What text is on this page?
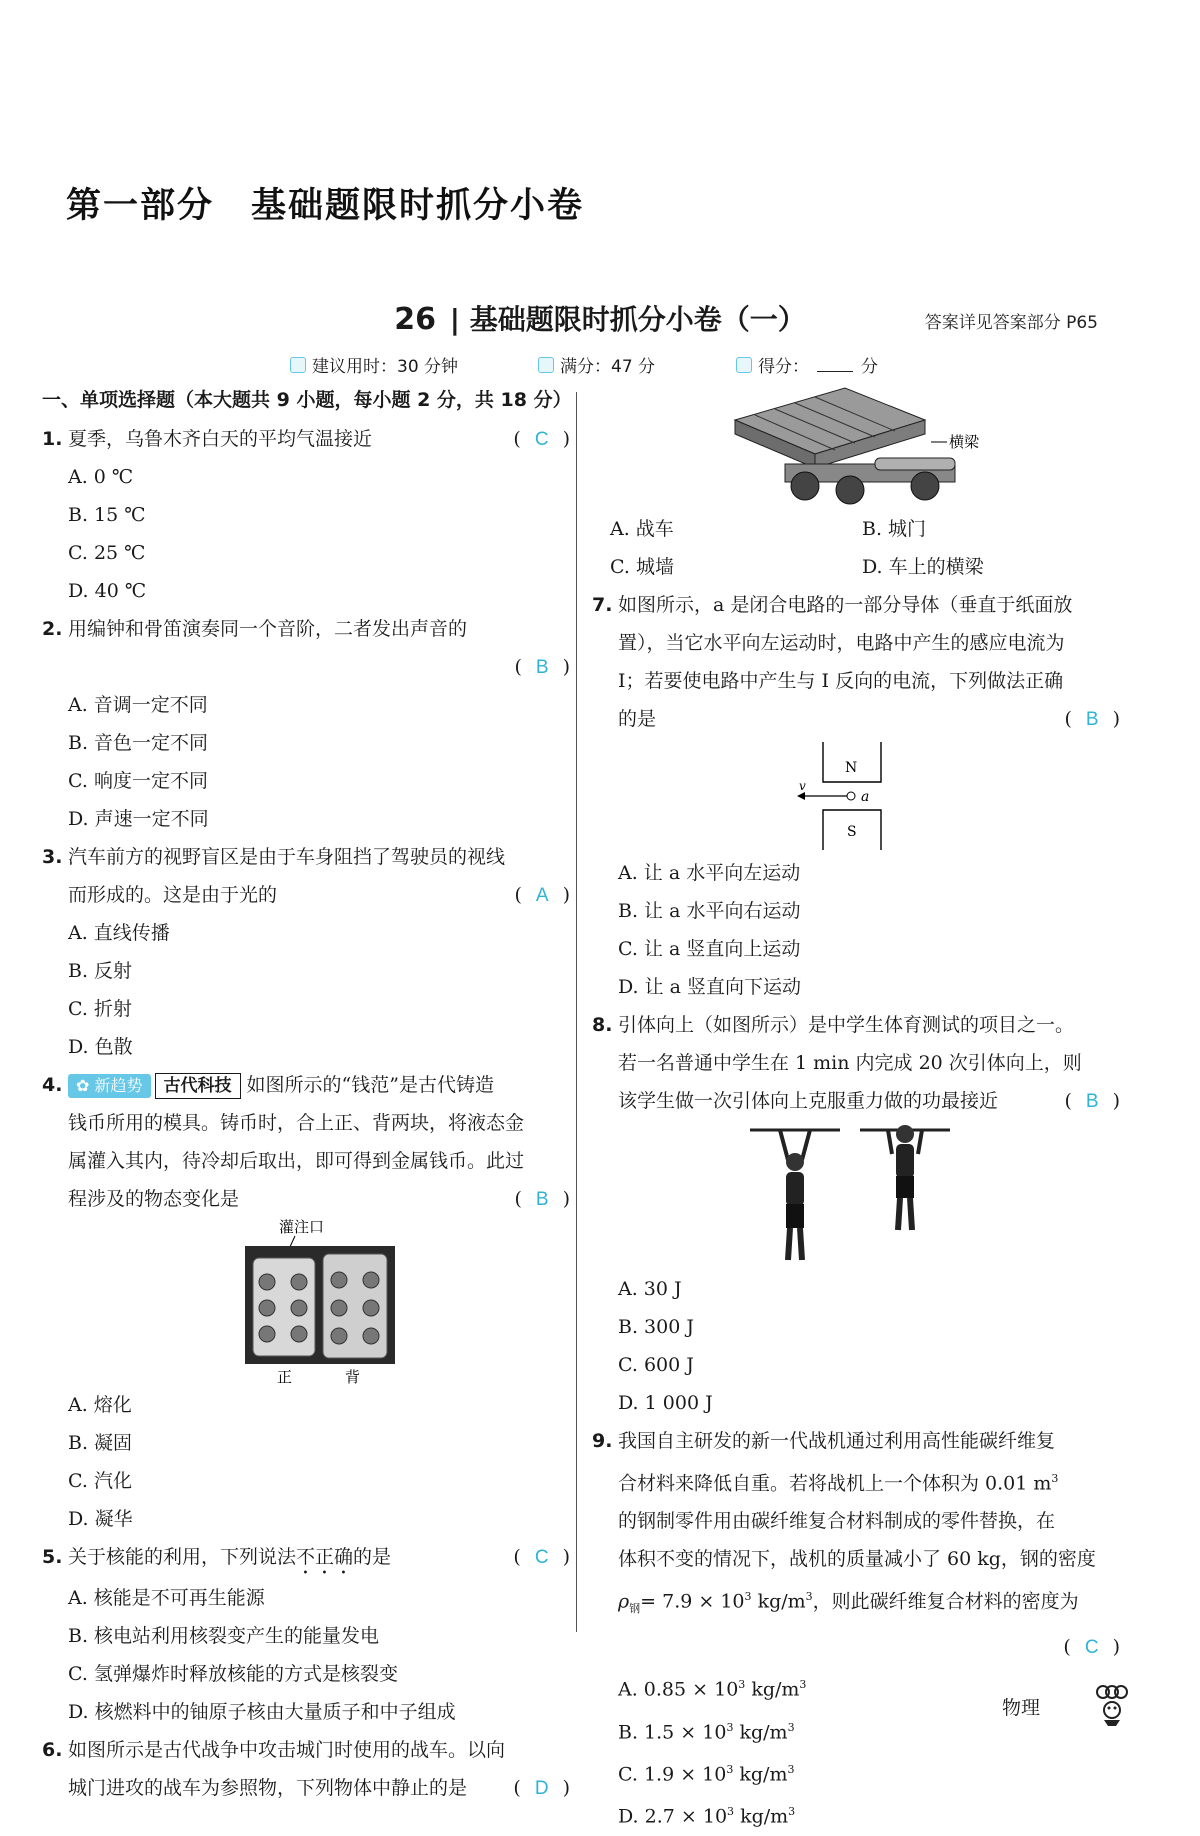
第一部分　基础题限时抓分小卷
26 | 基础题限时抓分小卷（一）	答案详见答案部分 P65
建议用时：30 分钟	满分：47 分	得分：	分
一、单项选择题（本大题共 9 小题，每小题 2 分，共 18 分）
1. 夏季，乌鲁木齐白天的平均气温接近	( C )
A. 0 ℃
B. 15 ℃
C. 25 ℃
D. 40 ℃
2. 用编钟和骨笛演奏同一个音阶，二者发出声音的
( B )
A. 音调一定不同
B. 音色一定不同
C. 响度一定不同
D. 声速一定不同
3. 汽车前方的视野盲区是由于车身阻挡了驾驶员的视线
而形成的。这是由于光的	( A )
A. 直线传播
B. 反射
C. 折射
D. 色散
4. ✿ 新趋势 古代科技 如图所示的“钱范”是古代铸造
钱币所用的模具。铸币时，合上正、背两块，将液态金
属灌入其内，待冷却后取出，即可得到金属钱币。此过
程涉及的物态变化是	( B )
灌注口
正	背
A. 熔化
B. 凝固
C. 汽化
D. 凝华
5. 关于核能的利用，下列说法不正确的是	( C )
A. 核能是不可再生能源
B. 核电站利用核裂变产生的能量发电
C. 氢弹爆炸时释放核能的方式是核裂变
D. 核燃料中的铀原子核由大量质子和中子组成
6. 如图所示是古代战争中攻击城门时使用的战车。以向
城门进攻的战车为参照物，下列物体中静止的是 ( D )
横梁
A. 战车	B. 城门
C. 城墙	D. 车上的横梁
7. 如图所示，a 是闭合电路的一部分导体（垂直于纸面放
置），当它水平向左运动时，电路中产生的感应电流为
I；若要使电路中产生与 I 反向的电流，下列做法正确
的是	( B )
N
S
v
a
A. 让 a 水平向左运动
B. 让 a 水平向右运动
C. 让 a 竖直向上运动
D. 让 a 竖直向下运动
8. 引体向上（如图所示）是中学生体育测试的项目之一。
若一名普通中学生在 1 min 内完成 20 次引体向上，则
该学生做一次引体向上克服重力做的功最接近	( B )
A. 30 J
B. 300 J
C. 600 J
D. 1 000 J
9. 我国自主研发的新一代战机通过利用高性能碳纤维复
合材料来降低自重。若将战机上一个体积为 0.01 $m^3$
的钢制零件用由碳纤维复合材料制成的零件替换，在
体积不变的情况下，战机的质量减小了 60 kg，钢的密度
$\rho_钢= 7.9 \times 10^3$ $kg/m^3$，则此碳纤维复合材料的密度为
( C )
A. $0.85 \times 10^3$ $kg/m^3$
B. $1.5 \times 10^3$ $kg/m^3$
C. $1.9 \times 10^3$ $kg/m^3$
D. $2.7 \times 10^3$ $kg/m^3$
物理
